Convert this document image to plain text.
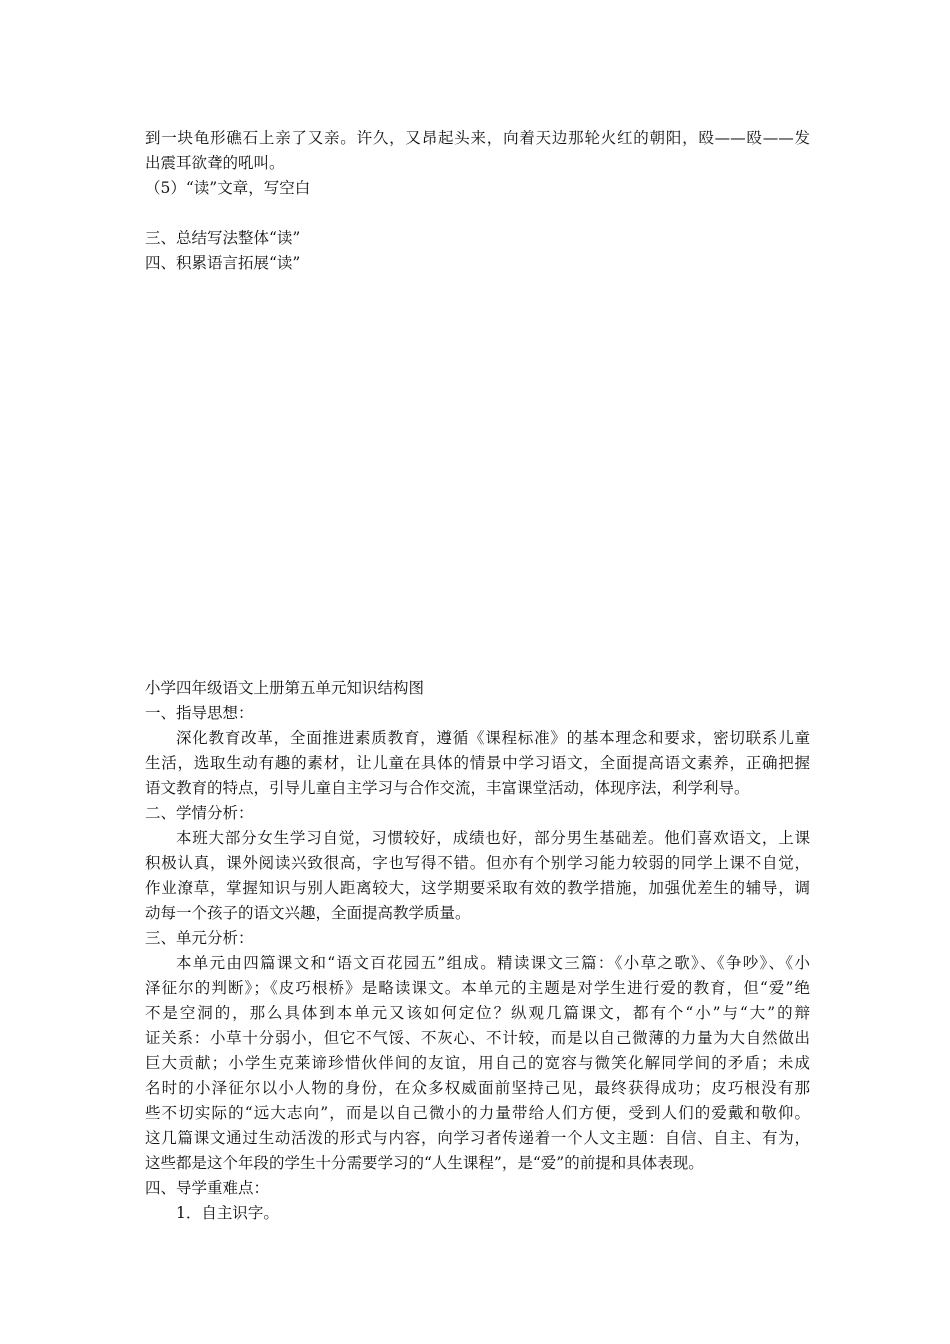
到一块龟形礁石上亲了又亲。许久，又昂起头来，向着天边那轮火红的朝阳，殴——殴——发

出震耳欲聋的吼叫。

（5）“读”文章，写空白

三、总结写法整体“读”

四、积累语言拓展“读”

小学四年级语文上册第五单元知识结构图

一、指导思想：

深化教育改革，全面推进素质教育，遵循《课程标准》的基本理念和要求，密切联系儿童

生活，选取生动有趣的素材，让儿童在具体的情景中学习语文，全面提高语文素养，正确把握

语文教育的特点，引导儿童自主学习与合作交流，丰富课堂活动，体现序法，利学利导。

二、学情分析：

本班大部分女生学习自觉，习惯较好，成绩也好，部分男生基础差。他们喜欢语文，上课

积极认真，课外阅读兴致很高，字也写得不错。但亦有个别学习能力较弱的同学上课不自觉，

作业潦草，掌握知识与别人距离较大，这学期要采取有效的教学措施，加强优差生的辅导，调

动每一个孩子的语文兴趣，全面提高教学质量。

三、单元分析：

本单元由四篇课文和“语文百花园五”组成。精读课文三篇：《小草之歌》、《争吵》、《小

泽征尔的判断》；《皮巧根桥》是略读课文。本单元的主题是对学生进行爱的教育，但“爱”绝

不是空洞的，那么具体到本单元又该如何定位？纵观几篇课文，都有个“小”与“大”的辩

证关系：小草十分弱小，但它不气馁、不灰心、不计较，而是以自己微薄的力量为大自然做出

巨大贡献；小学生克莱谛珍惜伙伴间的友谊，用自己的宽容与微笑化解同学间的矛盾；未成

名时的小泽征尔以小人物的身份，在众多权威面前坚持己见，最终获得成功；皮巧根没有那

些不切实际的“远大志向”，而是以自己微小的力量带给人们方便，受到人们的爱戴和敬仰。

这几篇课文通过生动活泼的形式与内容，向学习者传递着一个人文主题：自信、自主、有为，

这些都是这个年段的学生十分需要学习的“人生课程”，是“爱”的前提和具体表现。

四、导学重难点：

1．自主识字。
